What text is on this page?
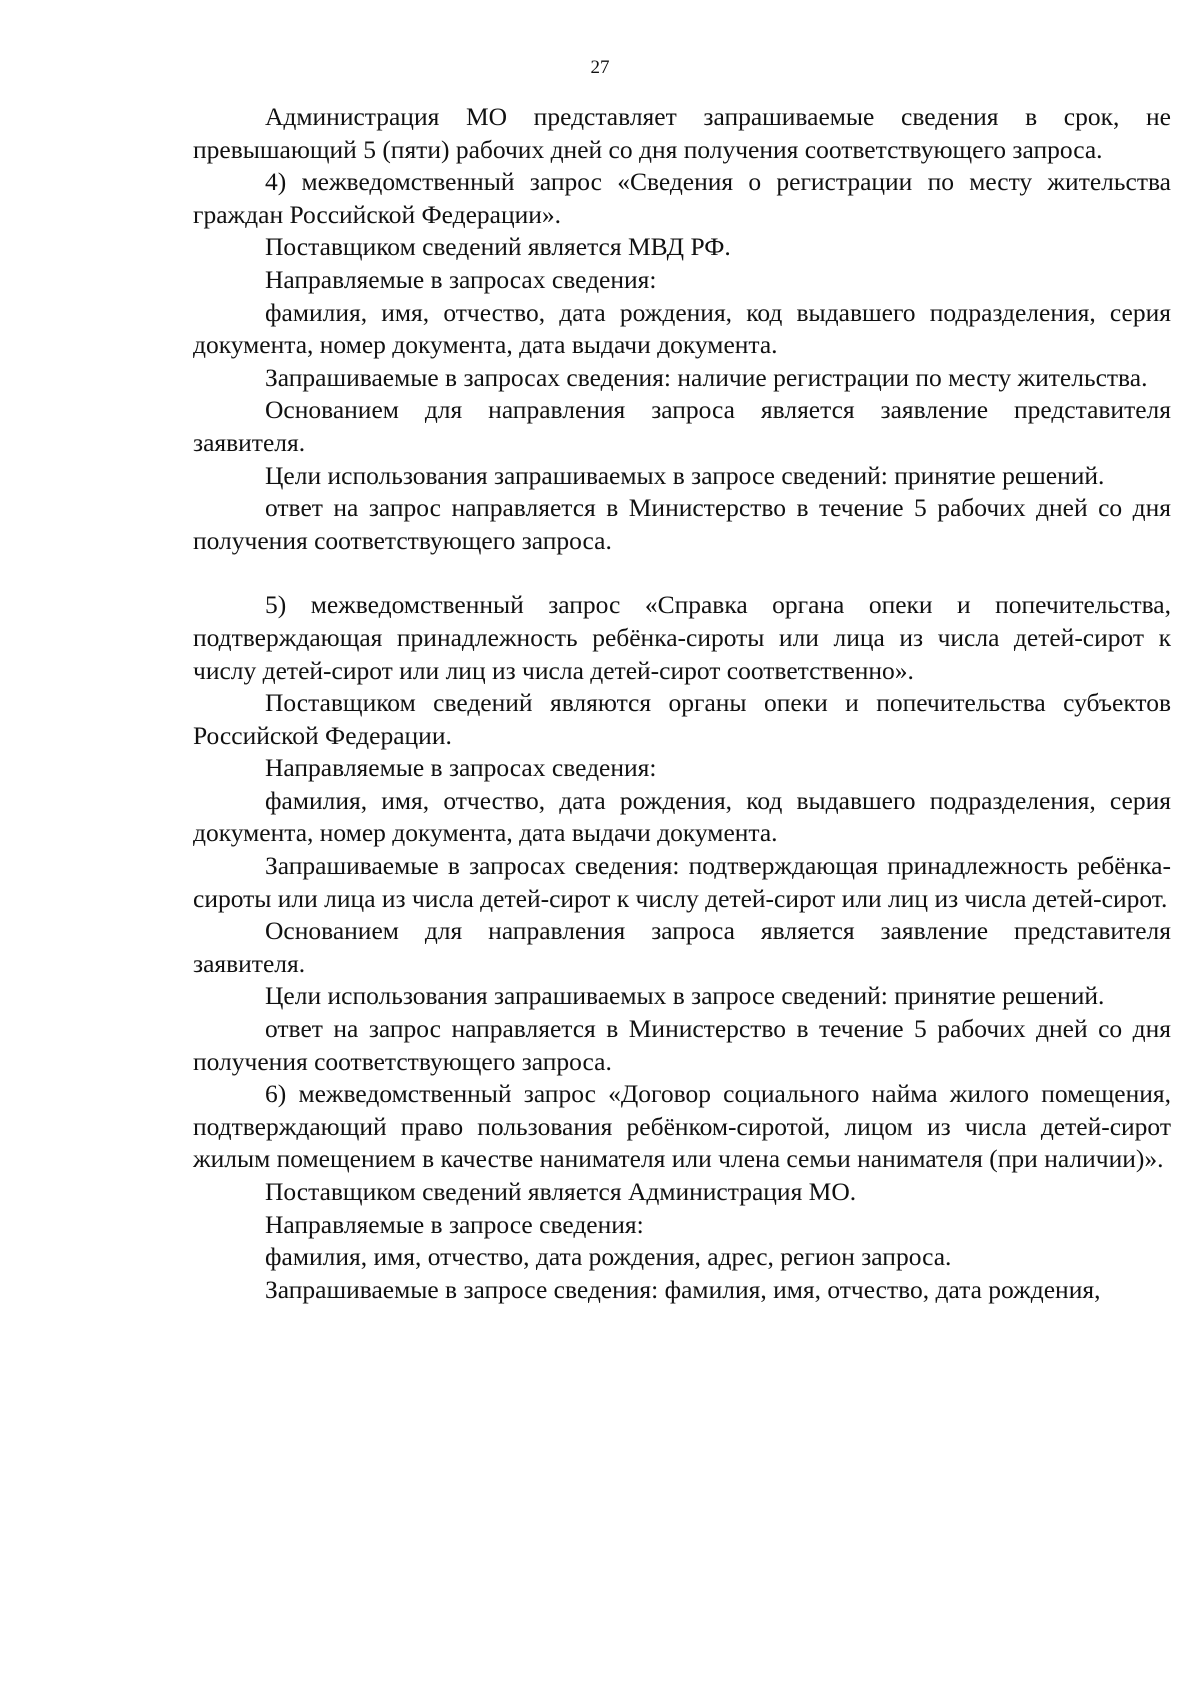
27

Администрация МО представляет запрашиваемые сведения в срок, не превышающий 5 (пяти) рабочих дней со дня получения соответствующего запроса.

4) межведомственный запрос «Сведения о регистрации по месту жительства граждан Российской Федерации».

Поставщиком сведений является МВД РФ.

Направляемые в запросах сведения:

фамилия, имя, отчество, дата рождения, код выдавшего подразделения, серия документа, номер документа, дата выдачи документа.

Запрашиваемые в запросах сведения: наличие регистрации по месту жительства.

Основанием для направления запроса является заявление представителя заявителя.

Цели использования запрашиваемых в запросе сведений: принятие решений.

ответ на запрос направляется в Министерство в течение 5 рабочих дней со дня получения соответствующего запроса.

5) межведомственный запрос «Справка органа опеки и попечительства, подтверждающая принадлежность ребёнка-сироты или лица из числа детей-сирот к числу детей-сирот или лиц из числа детей-сирот соответственно».

Поставщиком сведений являются органы опеки и попечительства субъектов Российской Федерации.

Направляемые в запросах сведения:

фамилия, имя, отчество, дата рождения, код выдавшего подразделения, серия документа, номер документа, дата выдачи документа.

Запрашиваемые в запросах сведения: подтверждающая принадлежность ребёнка-сироты или лица из числа детей-сирот к числу детей-сирот или лиц из числа детей-сирот.

Основанием для направления запроса является заявление представителя заявителя.

Цели использования запрашиваемых в запросе сведений: принятие решений.

ответ на запрос направляется в Министерство в течение 5 рабочих дней со дня получения соответствующего запроса.

6) межведомственный запрос «Договор социального найма жилого помещения, подтверждающий право пользования ребёнком-сиротой, лицом из числа детей-сирот жилым помещением в качестве нанимателя или члена семьи нанимателя (при наличии)».

Поставщиком сведений является Администрация МО.

Направляемые в запросе сведения:

фамилия, имя, отчество, дата рождения, адрес, регион запроса.

Запрашиваемые в запросе сведения: фамилия, имя, отчество, дата рождения,
